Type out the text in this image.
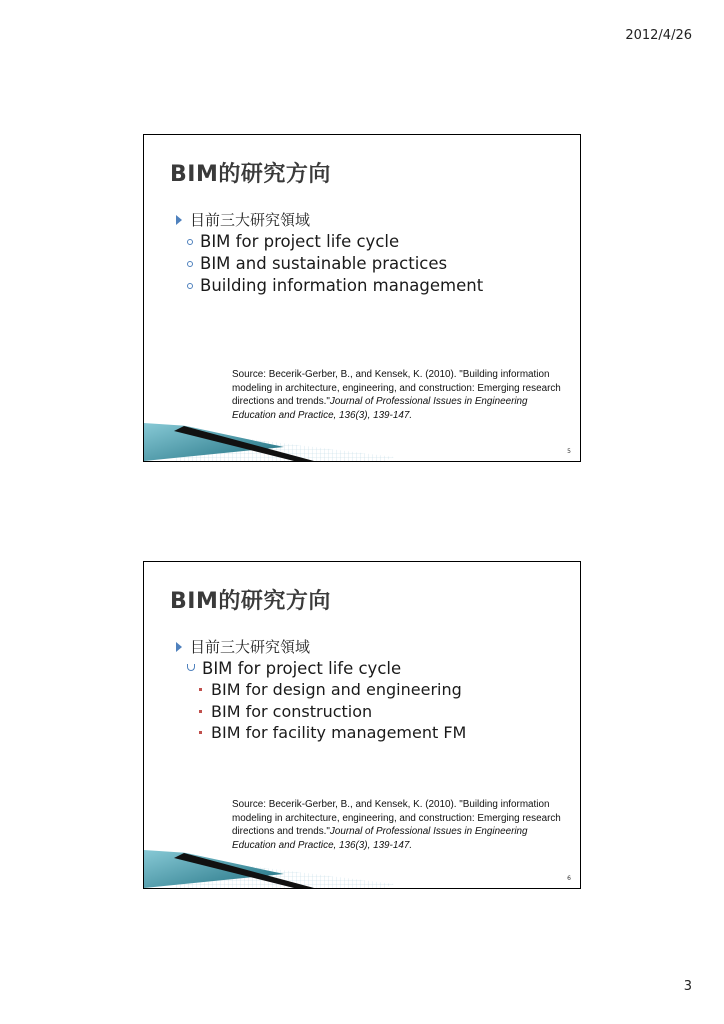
2012/4/26
BIM的研究方向
目前三大研究領域
BIM for project life cycle
BIM and sustainable practices
Building information management
Source: Becerik-Gerber, B., and Kensek, K. (2010). "Building information modeling in architecture, engineering, and construction: Emerging research directions and trends."Journal of Professional Issues in Engineering Education and Practice, 136(3), 139-147.
5
BIM的研究方向
目前三大研究領域
BIM for project life cycle
BIM for design and engineering
BIM for construction
BIM for facility management FM
Source: Becerik-Gerber, B., and Kensek, K. (2010). "Building information modeling in architecture, engineering, and construction: Emerging research directions and trends."Journal of Professional Issues in Engineering Education and Practice, 136(3), 139-147.
6
3
